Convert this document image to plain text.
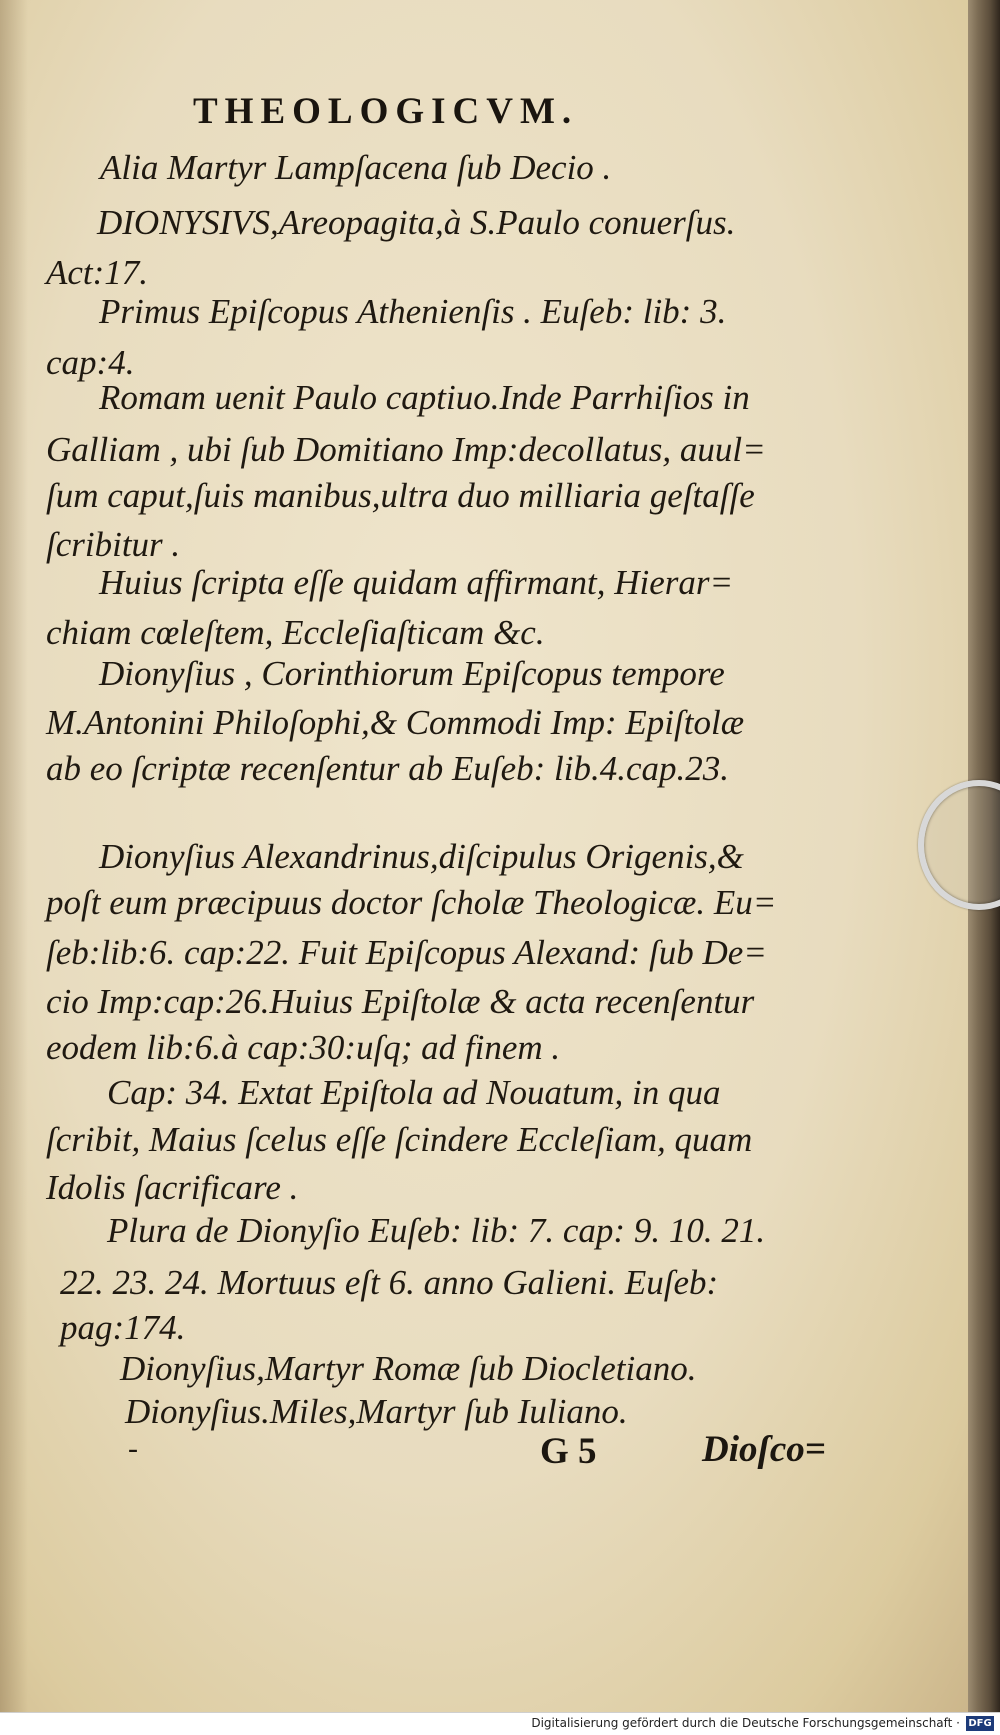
THEOLOGICVM.
Alia Martyr Lampſacena ſub Decio .
DIONYSIVS,Areopagita,à S.Paulo conuerſus.
Act:17.
Primus Epiſcopus Athenienſis . Euſeb: lib: 3.
cap:4.
Romam uenit Paulo captiuo.Inde Parrhiſios in
Galliam , ubi ſub Domitiano Imp:decollatus, auul=
ſum caput,ſuis manibus,ultra duo milliaria geſtaſſe
ſcribitur .
Huius ſcripta eſſe quidam affirmant, Hierar=
chiam cœleſtem, Eccleſiaſticam &c.
Dionyſius , Corinthiorum Epiſcopus tempore
M.Antonini Philoſophi,& Commodi Imp: Epiſtolæ
ab eo ſcriptæ recenſentur ab Euſeb: lib.4.cap.23.
Dionyſius Alexandrinus,diſcipulus Origenis,&
poſt eum præcipuus doctor ſcholæ Theologicæ. Eu=
ſeb:lib:6. cap:22. Fuit Epiſcopus Alexand: ſub De=
cio Imp:cap:26.Huius Epiſtolæ & acta recenſentur
eodem lib:6.à cap:30:uſq; ad finem .
Cap: 34. Extat Epiſtola ad Nouatum, in qua
ſcribit, Maius ſcelus eſſe ſcindere Eccleſiam, quam
Idolis ſacrificare .
Plura de Dionyſio Euſeb: lib: 7. cap: 9. 10. 21.
22. 23. 24. Mortuus eſt 6. anno Galieni. Euſeb:
pag:174.
Dionyſius,Martyr Romæ ſub Diocletiano.
Dionyſius.Miles,Martyr ſub Iuliano.
-	G 5	Dioſco=
Digitalisierung gefördert durch die Deutsche Forschungsgemeinschaft · DFG
